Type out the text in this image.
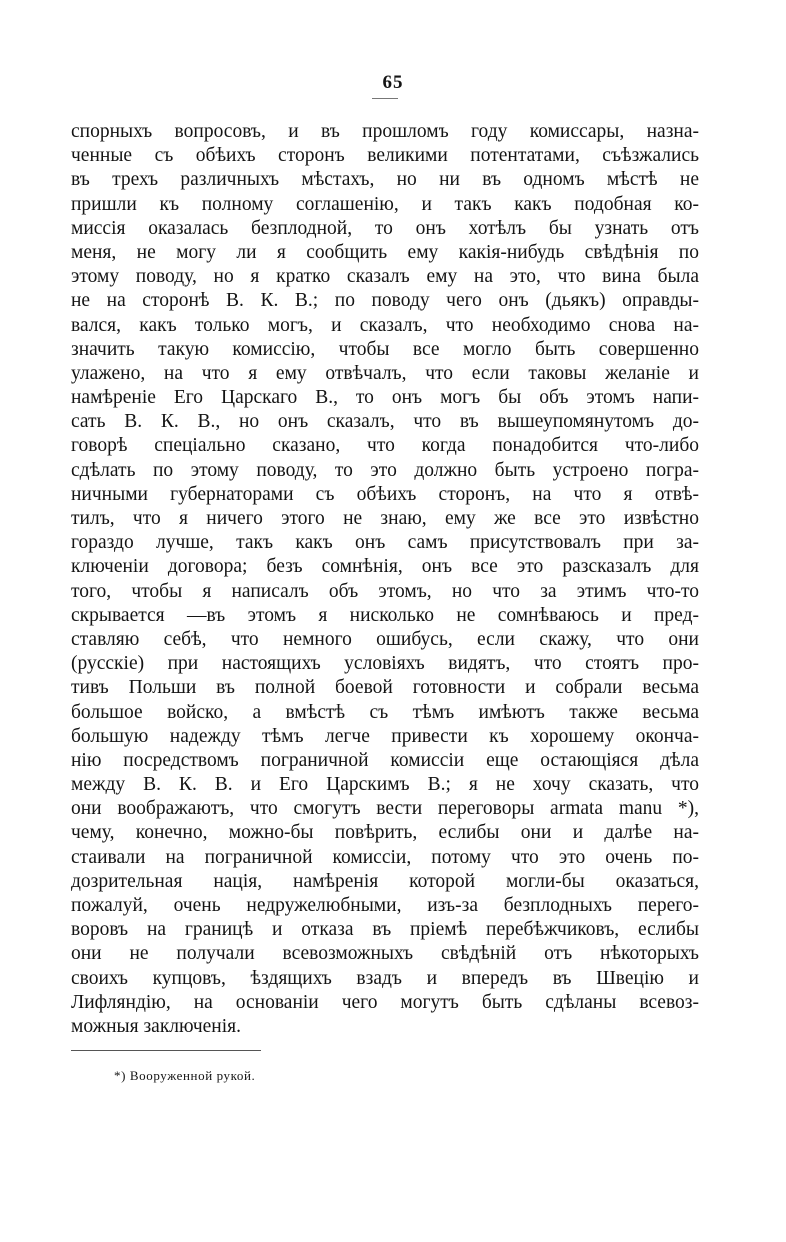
65
спорныхъ вопросовъ, и въ прошломъ году комиссары, назна-
ченные съ обѣихъ сторонъ великими потентатами, съѣзжались
въ трехъ различныхъ мѣстахъ, но ни въ одномъ мѣстѣ не
пришли къ полному соглашенію, и такъ какъ подобная ко-
миссія оказалась безплодной, то онъ хотѣлъ бы узнать отъ
меня, не могу ли я сообщить ему какія-нибудь свѣдѣнія по
этому поводу, но я кратко сказалъ ему на это, что вина была
не на сторонѣ В. К. В.; по поводу чего онъ (дьякъ) оправды-
вался, какъ только могъ, и сказалъ, что необходимо снова на-
значить такую комиссію, чтобы все могло быть совершенно
улажено, на что я ему отвѣчалъ, что если таковы желаніе и
намѣреніе Его Царскаго В., то онъ могъ бы объ этомъ напи-
сать В. К. В., но онъ сказалъ, что въ вышеупомянутомъ до-
говорѣ спеціально сказано, что когда понадобится что-либо
сдѣлать по этому поводу, то это должно быть устроено погра-
ничными губернаторами съ обѣихъ сторонъ, на что я отвѣ-
тилъ, что я ничего этого не знаю, ему же все это извѣстно
гораздо лучше, такъ какъ онъ самъ присутствовалъ при за-
ключеніи договора; безъ сомнѣнія, онъ все это разсказалъ для
того, чтобы я написалъ объ этомъ, но что за этимъ что-то
скрывается —въ этомъ я нисколько не сомнѣваюсь и пред-
ставляю себѣ, что немного ошибусь, если скажу, что они
(русскіе) при настоящихъ условіяхъ видятъ, что стоятъ про-
тивъ Польши въ полной боевой готовности и собрали весьма
большое войско, а вмѣстѣ съ тѣмъ имѣютъ также весьма
большую надежду тѣмъ легче привести къ хорошему оконча-
нію посредствомъ пограничной комиссіи еще остающіяся дѣла
между В. К. В. и Его Царскимъ В.; я не хочу сказать, что
они воображаютъ, что смогутъ вести переговоры armata manu *),
чему, конечно, можно-бы повѣрить, еслибы они и далѣе на-
стаивали на пограничной комиссіи, потому что это очень по-
дозрительная нація, намѣренія которой могли-бы оказаться,
пожалуй, очень недружелюбными, изъ-за безплодныхъ перего-
воровъ на границѣ и отказа въ пріемѣ перебѣжчиковъ, еслибы
они не получали всевозможныхъ свѣдѣній отъ нѣкоторыхъ
своихъ купцовъ, ѣздящихъ взадъ и впередъ въ Швецію и
Лифляндію, на основаніи чего могутъ быть сдѣланы всевоз-
можныя заключенія.
*) Вооруженной рукой.
